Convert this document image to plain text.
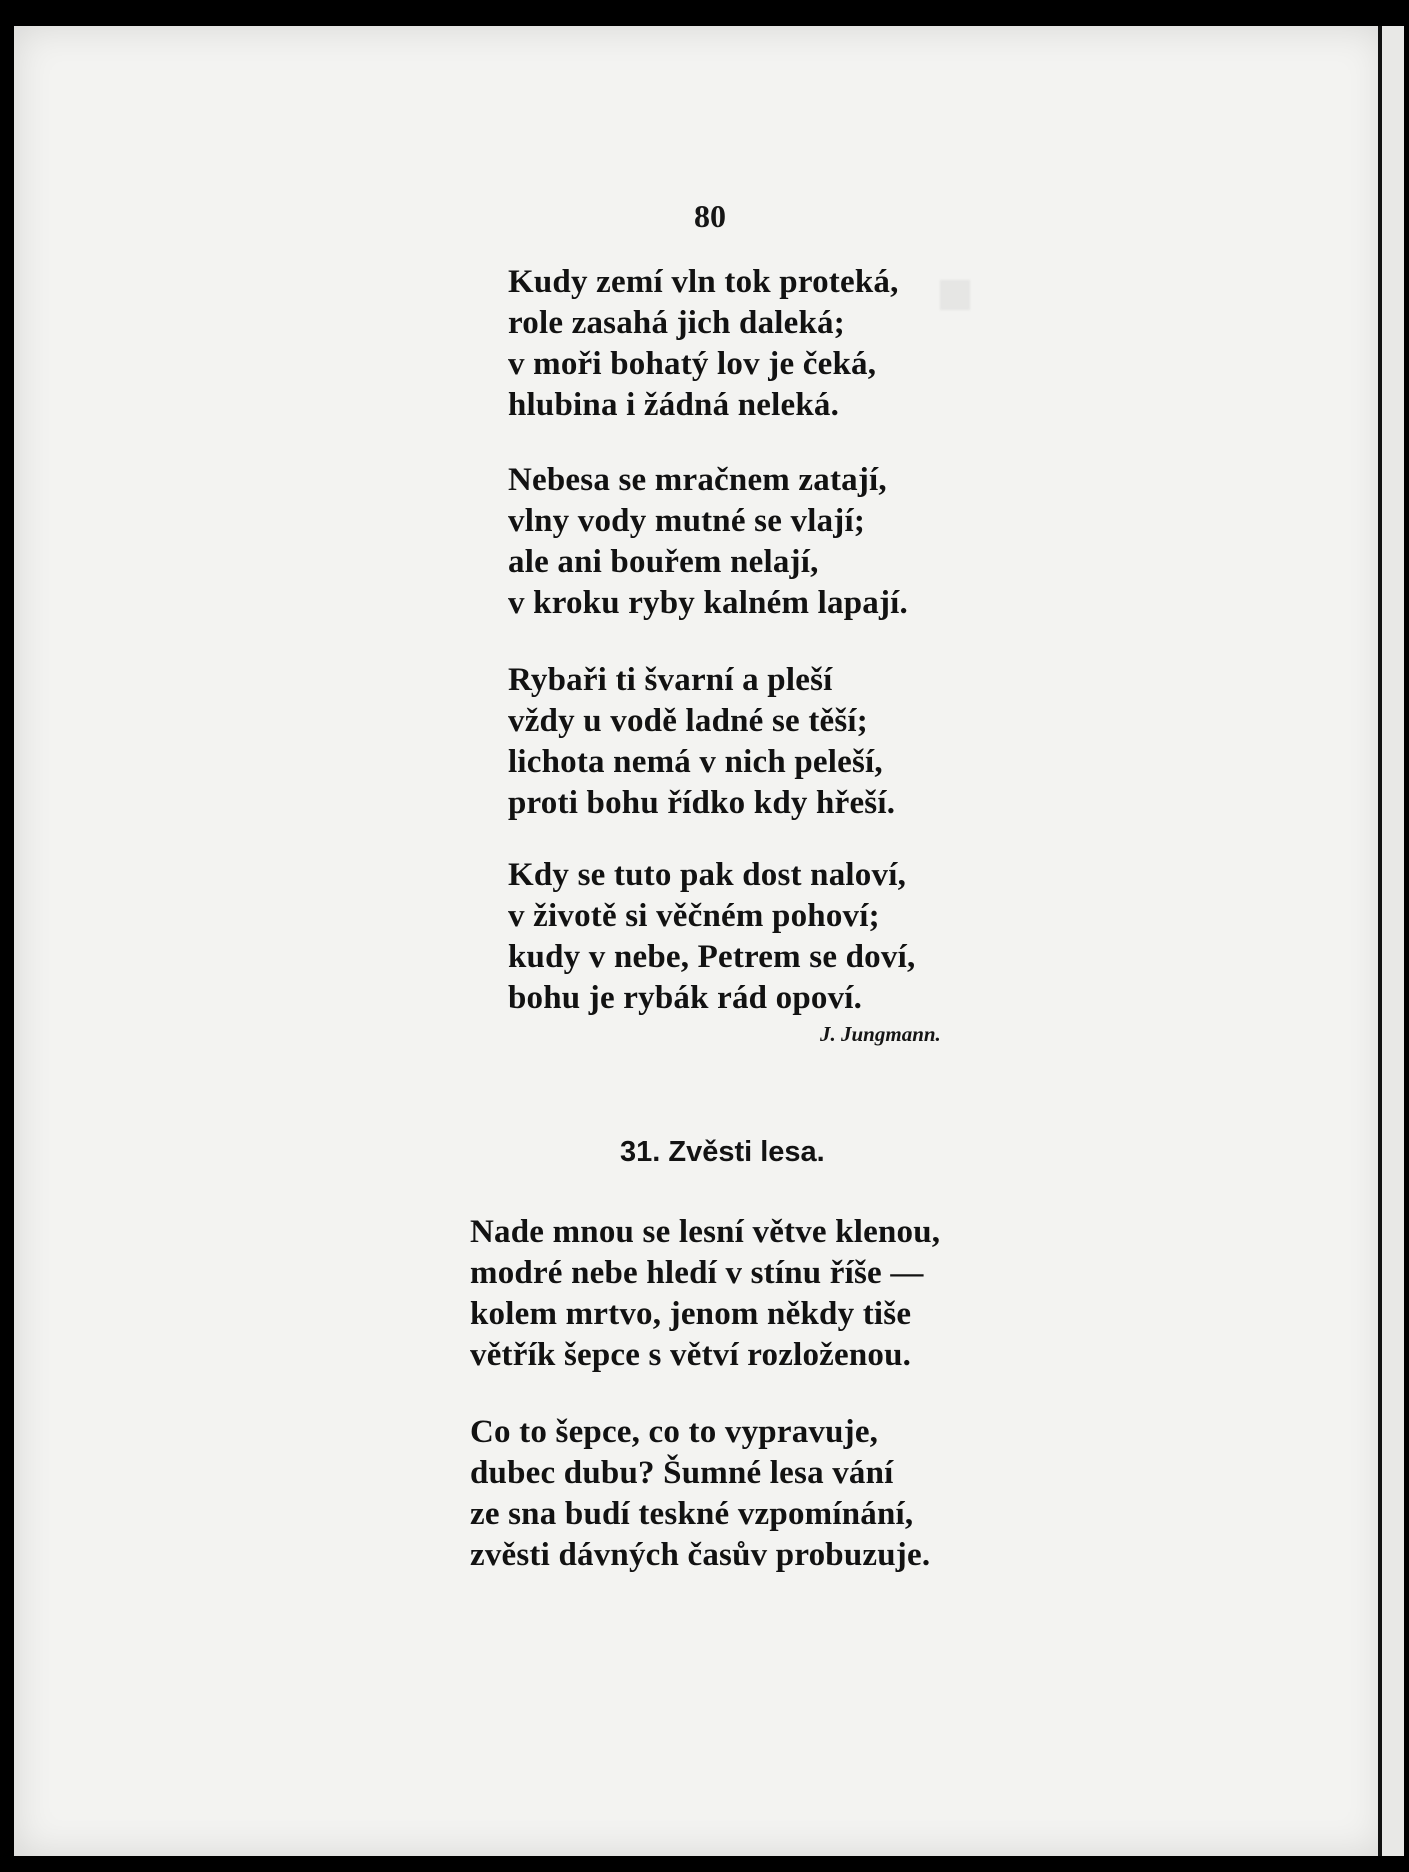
80
Kudy zemí vln tok proteká,
role zasahá jich daleká;
v moři bohatý lov je čeká,
hlubina i žádná neleká.
Nebesa se mračnem zatají,
vlny vody mutné se vlají;
ale ani bouřem nelají,
v kroku ryby kalném lapají.
Rybaři ti švarní a pleší
vždy u vodě ladné se těší;
lichota nemá v nich peleší,
proti bohu řídko kdy hřeší.
Kdy se tuto pak dost naloví,
v životě si věčném pohoví;
kudy v nebe, Petrem se doví,
bohu je rybák rád opoví.
J. Jungmann.
31. Zvěsti lesa.
Nade mnou se lesní větve klenou,
modré nebe hledí v stínu říše —
kolem mrtvo, jenom někdy tiše
větřík šepce s větví rozloženou.
Co to šepce, co to vypravuje,
dubec dubu? Šumné lesa vání
ze sna budí teskné vzpomínání,
zvěsti dávných časův probuzuje.
